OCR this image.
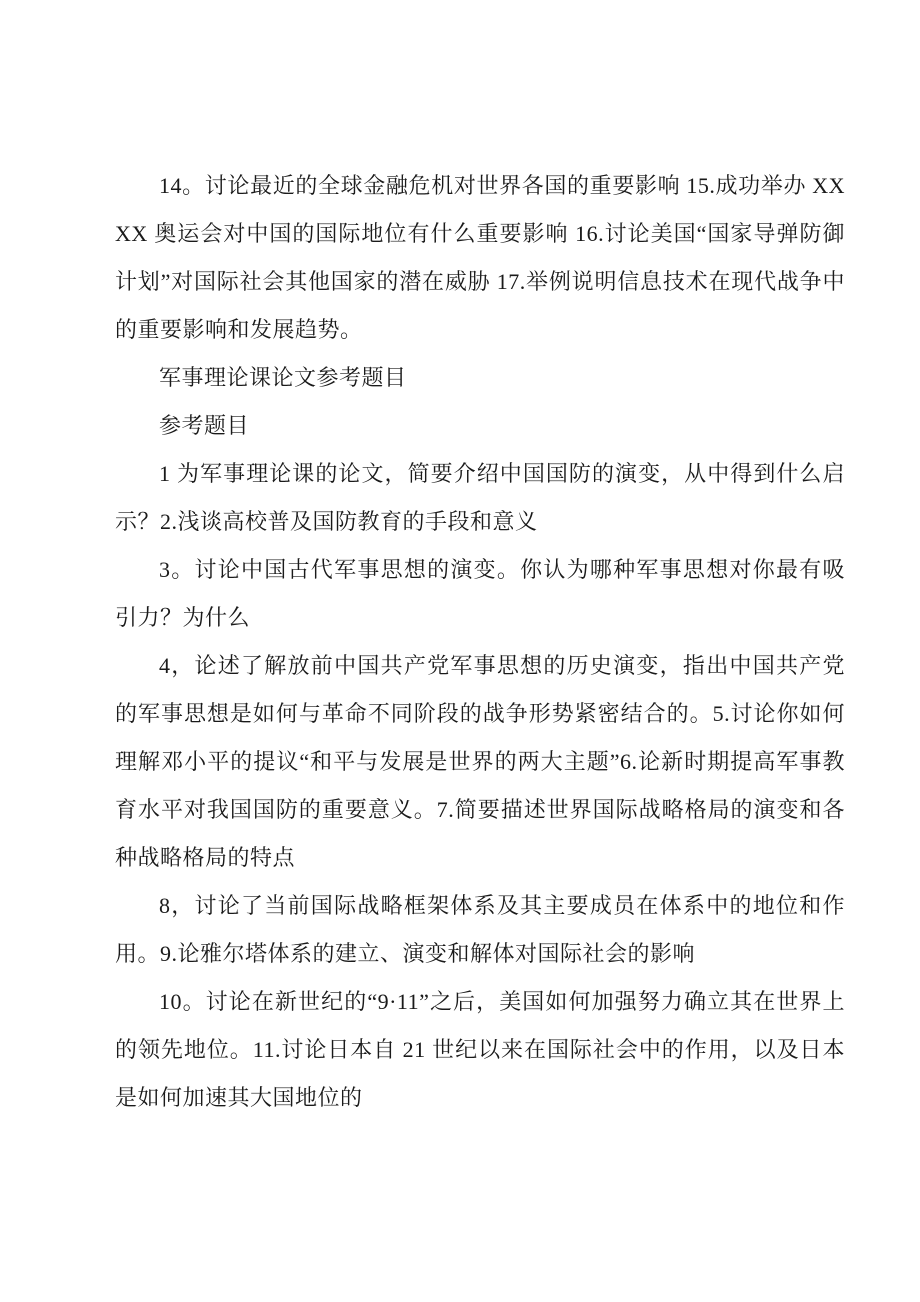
14。讨论最近的全球金融危机对世界各国的重要影响 15.成功举办 XXXX 奥运会对中国的国际地位有什么重要影响 16.讨论美国“国家导弹防御计划”对国际社会其他国家的潜在威胁 17.举例说明信息技术在现代战争中的重要影响和发展趋势。

军事理论课论文参考题目

参考题目

1 为军事理论课的论文，简要介绍中国国防的演变，从中得到什么启示？2.浅谈高校普及国防教育的手段和意义

3。讨论中国古代军事思想的演变。你认为哪种军事思想对你最有吸引力？为什么

4，论述了解放前中国共产党军事思想的历史演变，指出中国共产党的军事思想是如何与革命不同阶段的战争形势紧密结合的。5.讨论你如何理解邓小平的提议“和平与发展是世界的两大主题”6.论新时期提高军事教育水平对我国国防的重要意义。7.简要描述世界国际战略格局的演变和各种战略格局的特点

8，讨论了当前国际战略框架体系及其主要成员在体系中的地位和作用。9.论雅尔塔体系的建立、演变和解体对国际社会的影响

10。讨论在新世纪的“9·11”之后，美国如何加强努力确立其在世界上的领先地位。11.讨论日本自 21 世纪以来在国际社会中的作用，以及日本是如何加速其大国地位的
